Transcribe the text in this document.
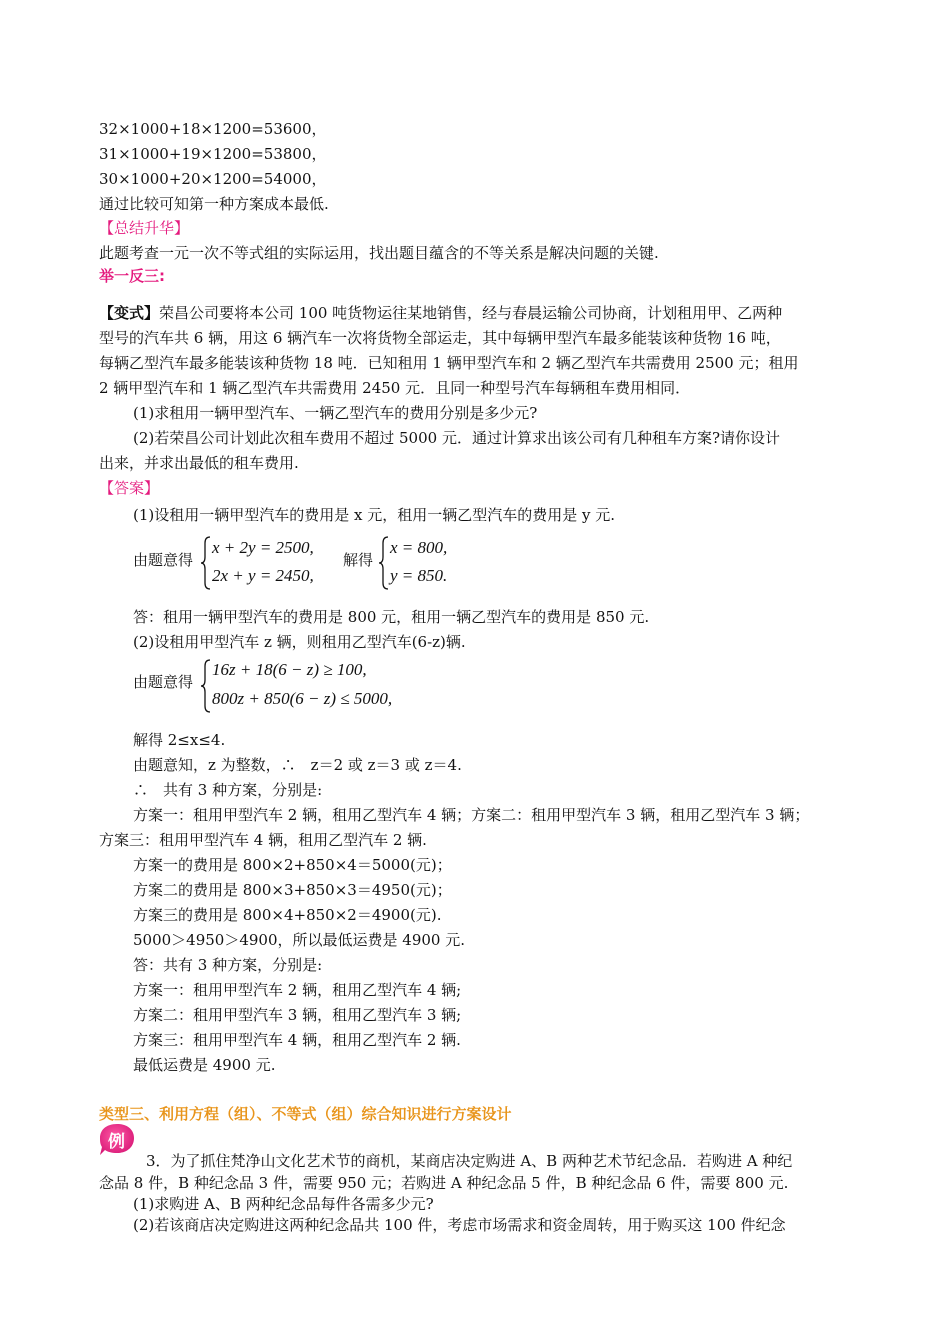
32×1000+18×1200=53600，
31×1000+19×1200=53800，
30×1000+20×1200=54000，
通过比较可知第一种方案成本最低.
【总结升华】
此题考查一元一次不等式组的实际运用，找出题目蕴含的不等关系是解决问题的关键.
举一反三:
【变式】荣昌公司要将本公司 100 吨货物运往某地销售，经与春晨运输公司协商，计划租用甲、乙两种
型号的汽车共 6 辆，用这 6 辆汽车一次将货物全部运走，其中每辆甲型汽车最多能装该种货物 16 吨，
每辆乙型汽车最多能装该种货物 18 吨．已知租用 1 辆甲型汽车和 2 辆乙型汽车共需费用 2500 元；租用
2 辆甲型汽车和 1 辆乙型汽车共需费用 2450 元．且同一种型号汽车每辆租车费用相同．
(1)求租用一辆甲型汽车、一辆乙型汽车的费用分别是多少元?
(2)若荣昌公司计划此次租车费用不超过 5000 元．通过计算求出该公司有几种租车方案?请你设计
出来，并求出最低的租车费用.
【答案】
(1)设租用一辆甲型汽车的费用是 x 元，租用一辆乙型汽车的费用是 y 元.
由题意得
x + 2y = 2500,
2x + y = 2450,
解得
x = 800,
y = 850.
答：租用一辆甲型汽车的费用是 800 元，租用一辆乙型汽车的费用是 850 元.
(2)设租用甲型汽车 z 辆，则租用乙型汽车(6-z)辆.
由题意得
16z + 18(6 − z) ≥ 100,
800z + 850(6 − z) ≤ 5000,
解得 2≤x≤4.
由题意知，z 为整数，∴　z＝2 或 z＝3 或 z＝4.
∴　共有 3 种方案，分别是:
方案一：租用甲型汽车 2 辆，租用乙型汽车 4 辆；方案二：租用甲型汽车 3 辆，租用乙型汽车 3 辆；
方案三：租用甲型汽车 4 辆，租用乙型汽车 2 辆.
方案一的费用是 800×2+850×4＝5000(元)；
方案二的费用是 800×3+850×3＝4950(元)；
方案三的费用是 800×4+850×2＝4900(元).
5000＞4950＞4900，所以最低运费是 4900 元.
答：共有 3 种方案，分别是:
方案一：租用甲型汽车 2 辆，租用乙型汽车 4 辆;
方案二：租用甲型汽车 3 辆，租用乙型汽车 3 辆;
方案三：租用甲型汽车 4 辆，租用乙型汽车 2 辆.
最低运费是 4900 元.
类型三、利用方程（组）、不等式（组）综合知识进行方案设计
例
3．为了抓住梵净山文化艺术节的商机，某商店决定购进 A、B 两种艺术节纪念品．若购进 A 种纪
念品 8 件，B 种纪念品 3 件，需要 950 元；若购进 A 种纪念品 5 件，B 种纪念品 6 件，需要 800 元.
(1)求购进 A、B 两种纪念品每件各需多少元?
(2)若该商店决定购进这两种纪念品共 100 件，考虑市场需求和资金周转，用于购买这 100 件纪念
